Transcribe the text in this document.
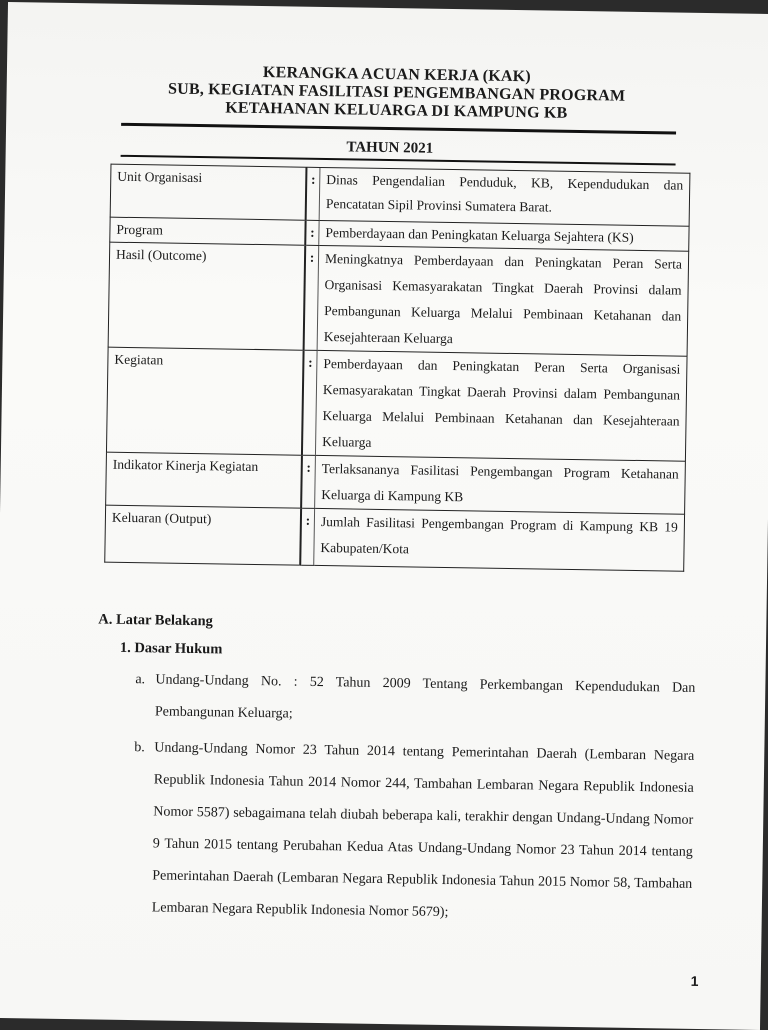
KERANGKA ACUAN KERJA (KAK)
SUB, KEGIATAN FASILITASI PENGEMBANGAN PROGRAM
KETAHANAN KELUARGA DI KAMPUNG KB
TAHUN 2021
Unit Organisasi	:	Dinas Pengendalian Penduduk, KB, Kependudukan dan Pencatatan Sipil Provinsi Sumatera Barat.
Program	:	Pemberdayaan dan Peningkatan Keluarga Sejahtera (KS)
Hasil (Outcome)	:	Meningkatnya Pemberdayaan dan Peningkatan Peran Serta Organisasi Kemasyarakatan Tingkat Daerah Provinsi dalam Pembangunan Keluarga Melalui Pembinaan Ketahanan dan Kesejahteraan Keluarga
Kegiatan	:	Pemberdayaan dan Peningkatan Peran Serta Organisasi Kemasyarakatan Tingkat Daerah Provinsi dalam Pembangunan Keluarga Melalui Pembinaan Ketahanan dan Kesejahteraan Keluarga
Indikator Kinerja Kegiatan	:	Terlaksananya Fasilitasi Pengembangan Program Ketahanan Keluarga di Kampung KB
Keluaran (Output)	:	Jumlah Fasilitasi Pengembangan Program di Kampung KB 19 Kabupaten/Kota
A. Latar Belakang
1. Dasar Hukum
a. Undang-Undang No. : 52 Tahun 2009 Tentang Perkembangan Kependudukan Dan Pembangunan Keluarga;
b. Undang-Undang Nomor 23 Tahun 2014 tentang Pemerintahan Daerah (Lembaran Negara Republik Indonesia Tahun 2014 Nomor 244, Tambahan Lembaran Negara Republik Indonesia Nomor 5587) sebagaimana telah diubah beberapa kali, terakhir dengan Undang-Undang Nomor 9 Tahun 2015 tentang Perubahan Kedua Atas Undang-Undang Nomor 23 Tahun 2014 tentang Pemerintahan Daerah (Lembaran Negara Republik Indonesia Tahun 2015 Nomor 58, Tambahan Lembaran Negara Republik Indonesia Nomor 5679);
1
